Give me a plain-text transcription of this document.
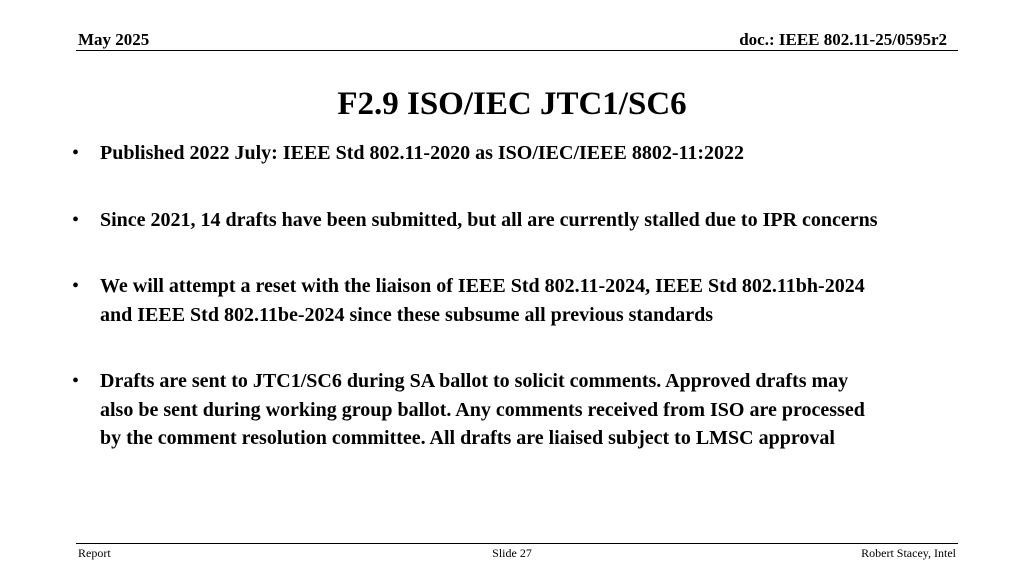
May 2025	doc.: IEEE 802.11-25/0595r2
F2.9 ISO/IEC JTC1/SC6
• Published 2022 July: IEEE Std 802.11-2020 as ISO/IEC/IEEE 8802-11:2022
• Since 2021, 14 drafts have been submitted, but all are currently stalled due to IPR concerns
• We will attempt a reset with the liaison of IEEE Std 802.11-2024, IEEE Std 802.11bh-2024 and IEEE Std 802.11be-2024 since these subsume all previous standards
• Drafts are sent to JTC1/SC6 during SA ballot to solicit comments. Approved drafts may also be sent during working group ballot. Any comments received from ISO are processed by the comment resolution committee. All drafts are liaised subject to LMSC approval
Report	Slide 27	Robert Stacey, Intel
